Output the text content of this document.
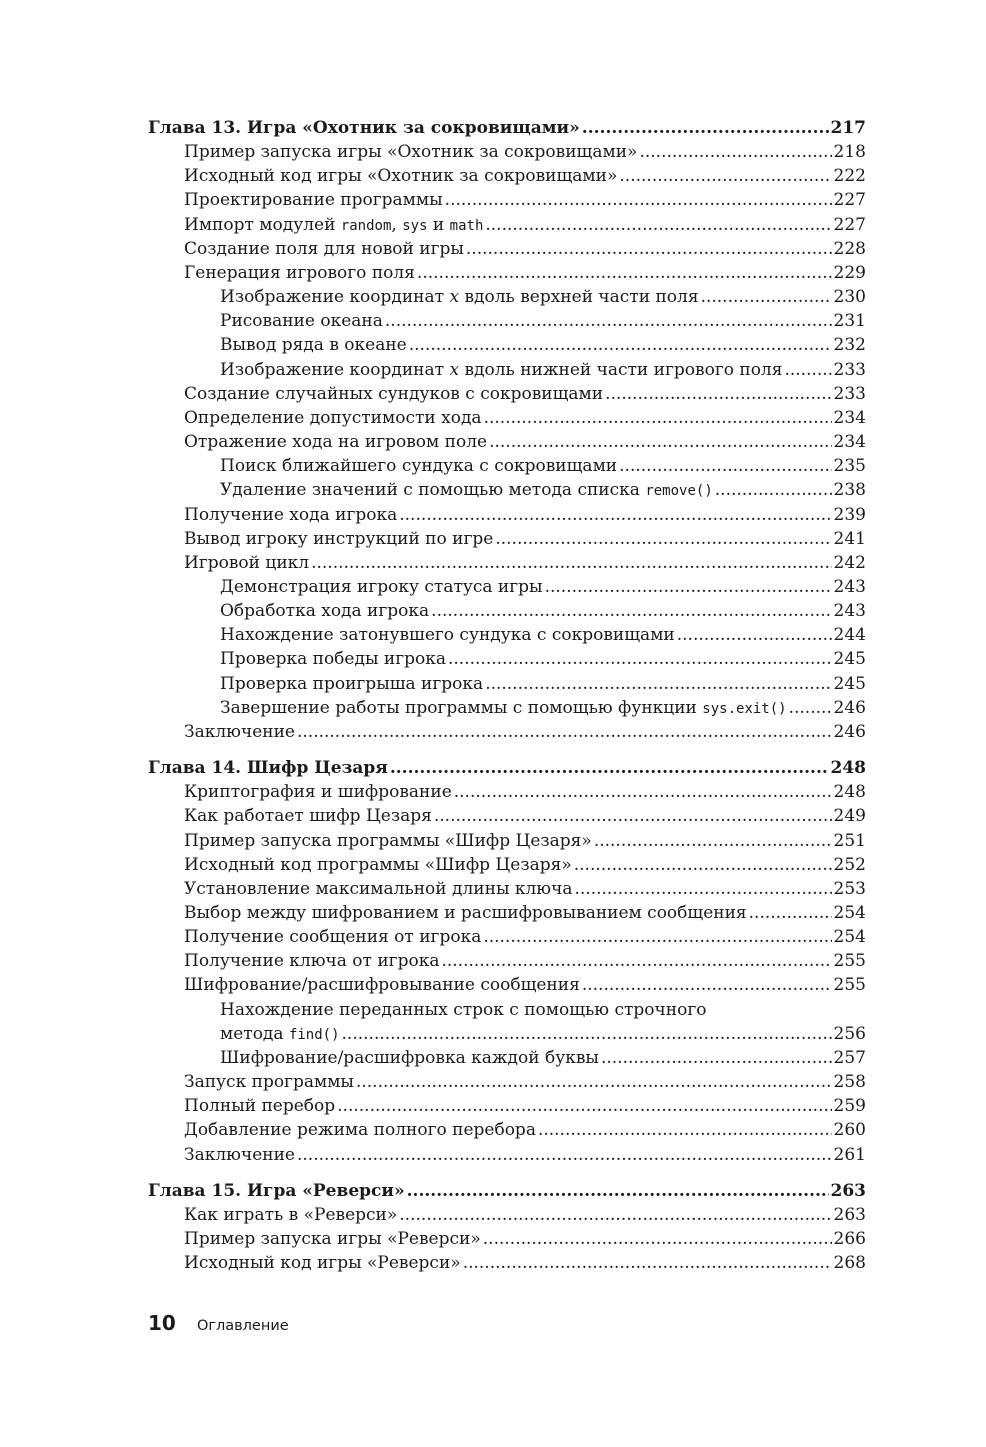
Глава 13. Игра «Охотник за сокровищами» .....	217
Пример запуска игры «Охотник за сокровищами» .....	218
Исходный код игры «Охотник за сокровищами» .....	222
Проектирование программы .....	227
Импорт модулей random, sys и math .....	227
Создание поля для новой игры .....	228
Генерация игрового поля .....	229
Изображение координат x вдоль верхней части поля .....	230
Рисование океана .....	231
Вывод ряда в океане .....	232
Изображение координат x вдоль нижней части игрового поля .....	233
Создание случайных сундуков с сокровищами .....	233
Определение допустимости хода .....	234
Отражение хода на игровом поле .....	234
Поиск ближайшего сундука с сокровищами .....	235
Удаление значений с помощью метода списка remove() .....	238
Получение хода игрока .....	239
Вывод игроку инструкций по игре .....	241
Игровой цикл .....	242
Демонстрация игроку статуса игры .....	243
Обработка хода игрока .....	243
Нахождение затонувшего сундука с сокровищами .....	244
Проверка победы игрока .....	245
Проверка проигрыша игрока .....	245
Завершение работы программы с помощью функции sys.exit() .....	246
Заключение .....	246
Глава 14. Шифр Цезаря .....	248
Криптография и шифрование .....	248
Как работает шифр Цезаря .....	249
Пример запуска программы «Шифр Цезаря» .....	251
Исходный код программы «Шифр Цезаря» .....	252
Установление максимальной длины ключа .....	253
Выбор между шифрованием и расшифровыванием сообщения .....	254
Получение сообщения от игрока .....	254
Получение ключа от игрока .....	255
Шифрование/расшифровывание сообщения .....	255
Нахождение переданных строк с помощью строчного
метода find() .....	256
Шифрование/расшифровка каждой буквы .....	257
Запуск программы .....	258
Полный перебор .....	259
Добавление режима полного перебора .....	260
Заключение .....	261
Глава 15. Игра «Реверси» .....	263
Как играть в «Реверси» .....	263
Пример запуска игры «Реверси» .....	266
Исходный код игры «Реверси» .....	268
10 Оглавление
